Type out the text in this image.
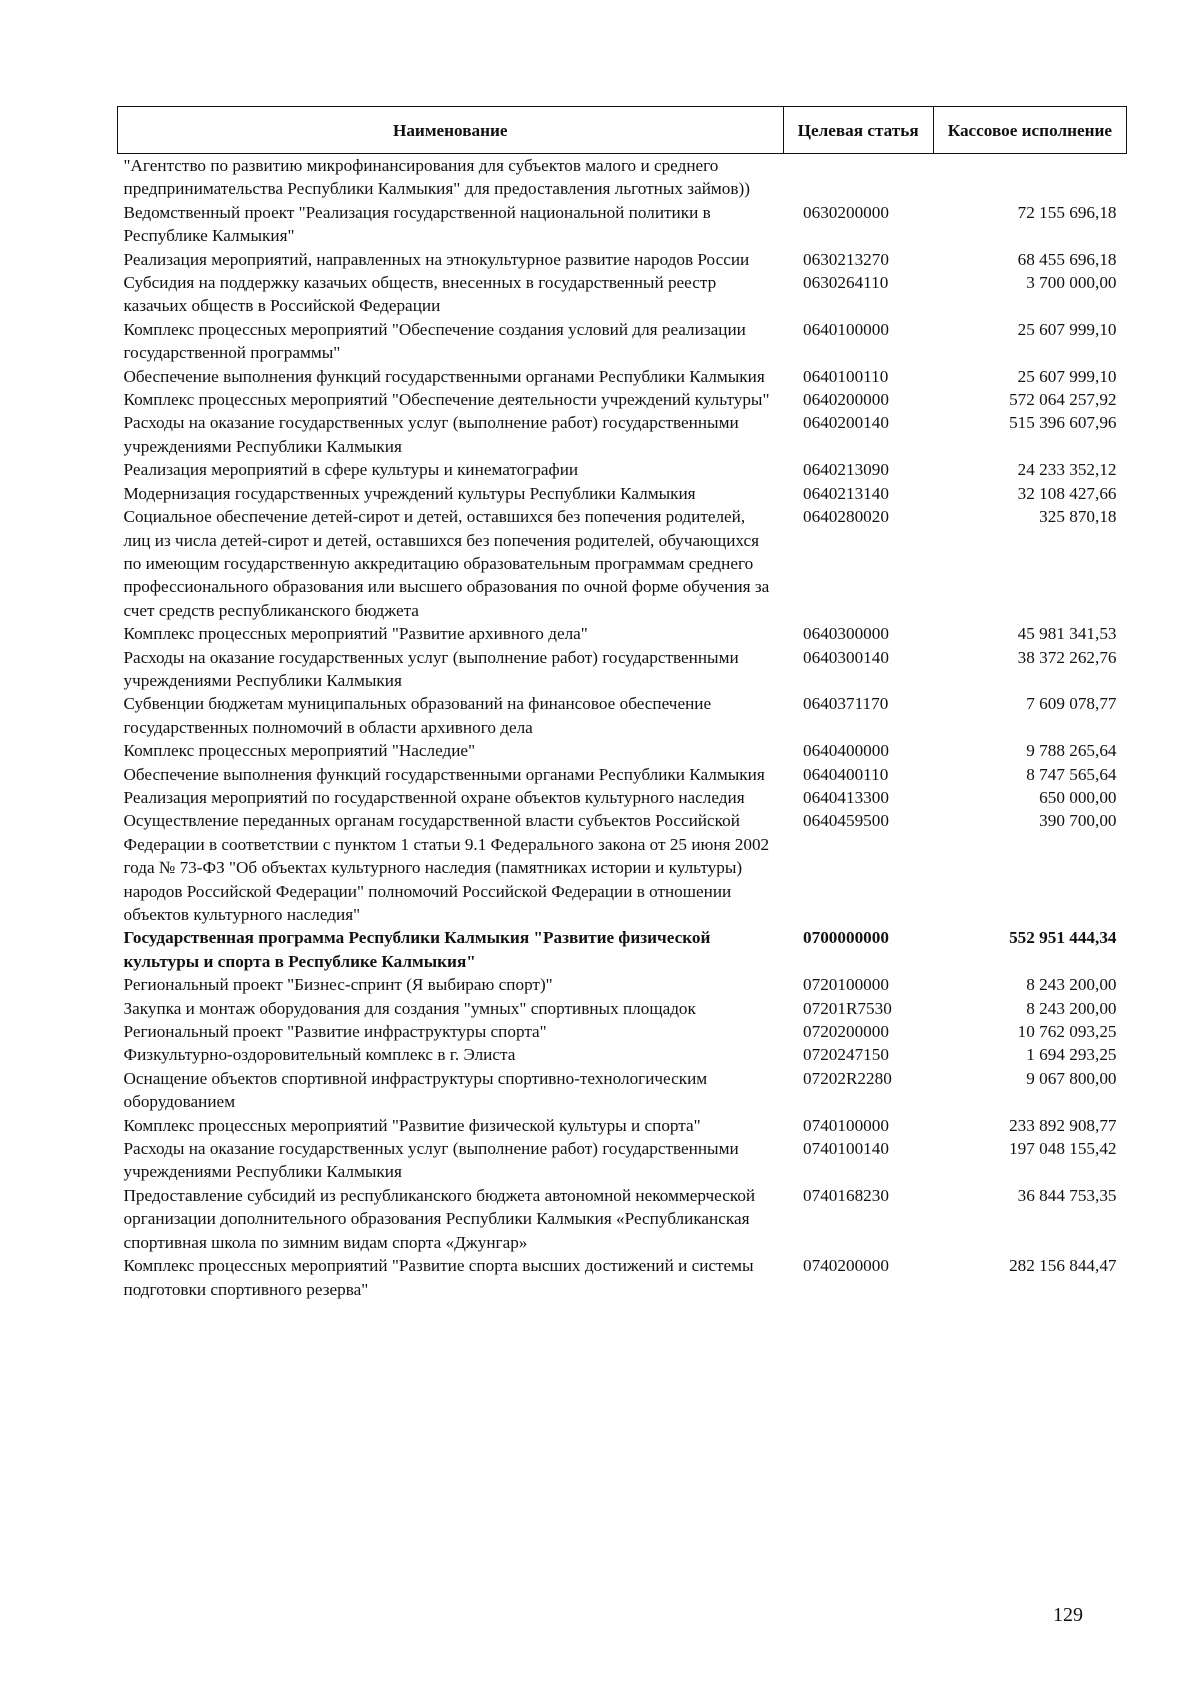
Наименование	Целевая статья	Кассовое исполнение
"Агентство по развитию микрофинансирования для субъектов малого и среднего предпринимательства Республики Калмыкия" для предоставления льготных займов))		
Ведомственный проект "Реализация государственной национальной политики в Республике Калмыкия"	0630200000	72 155 696,18
Реализация мероприятий, направленных на этнокультурное развитие народов России	0630213270	68 455 696,18
Субсидия на поддержку казачьих обществ, внесенных в государственный реестр казачьих обществ в Российской Федерации	0630264110	3 700 000,00
Комплекс процессных мероприятий "Обеспечение создания условий для реализации государственной программы"	0640100000	25 607 999,10
Обеспечение выполнения функций государственными органами Республики Калмыкия	0640100110	25 607 999,10
Комплекс процессных мероприятий "Обеспечение деятельности учреждений культуры"	0640200000	572 064 257,92
Расходы на оказание государственных услуг (выполнение работ) государственными учреждениями Республики Калмыкия	0640200140	515 396 607,96
Реализация мероприятий в сфере культуры и кинематографии	0640213090	24 233 352,12
Модернизация государственных учреждений культуры Республики Калмыкия	0640213140	32 108 427,66
Социальное обеспечение детей-сирот и детей, оставшихся без попечения родителей, лиц из числа детей-сирот и детей, оставшихся без попечения родителей, обучающихся по имеющим государственную аккредитацию образовательным программам среднего профессионального образования или высшего образования по очной форме обучения за счет средств республиканского бюджета	0640280020	325 870,18
Комплекс процессных мероприятий "Развитие архивного дела"	0640300000	45 981 341,53
Расходы на оказание государственных услуг (выполнение работ) государственными учреждениями Республики Калмыкия	0640300140	38 372 262,76
Субвенции бюджетам муниципальных образований на финансовое обеспечение государственных полномочий в области архивного дела	0640371170	7 609 078,77
Комплекс процессных мероприятий "Наследие"	0640400000	9 788 265,64
Обеспечение выполнения функций государственными органами Республики Калмыкия	0640400110	8 747 565,64
Реализация мероприятий по государственной охране объектов культурного наследия	0640413300	650 000,00
Осуществление переданных органам государственной власти субъектов Российской Федерации в соответствии с пунктом 1 статьи 9.1 Федерального закона от 25 июня 2002 года № 73-ФЗ "Об объектах культурного наследия (памятниках истории и культуры) народов Российской Федерации" полномочий Российской Федерации в отношении объектов культурного наследия"	0640459500	390 700,00
Государственная программа Республики Калмыкия "Развитие физической культуры и спорта в Республике Калмыкия"	0700000000	552 951 444,34
Региональный проект "Бизнес-спринт (Я выбираю спорт)"	0720100000	8 243 200,00
Закупка и монтаж оборудования для создания "умных" спортивных площадок	07201R7530	8 243 200,00
Региональный проект "Развитие инфраструктуры спорта"	0720200000	10 762 093,25
Физкультурно-оздоровительный комплекс в г. Элиста	0720247150	1 694 293,25
Оснащение объектов спортивной инфраструктуры спортивно-технологическим оборудованием	07202R2280	9 067 800,00
Комплекс процессных мероприятий "Развитие физической культуры и спорта"	0740100000	233 892 908,77
Расходы на оказание государственных услуг (выполнение работ) государственными учреждениями Республики Калмыкия	0740100140	197 048 155,42
Предоставление субсидий из республиканского бюджета автономной некоммерческой организации дополнительного образования Республики Калмыкия «Республиканская спортивная школа по зимним видам спорта «Джунгар»	0740168230	36 844 753,35
Комплекс процессных мероприятий "Развитие спорта высших достижений и системы подготовки спортивного резерва"	0740200000	282 156 844,47
129
